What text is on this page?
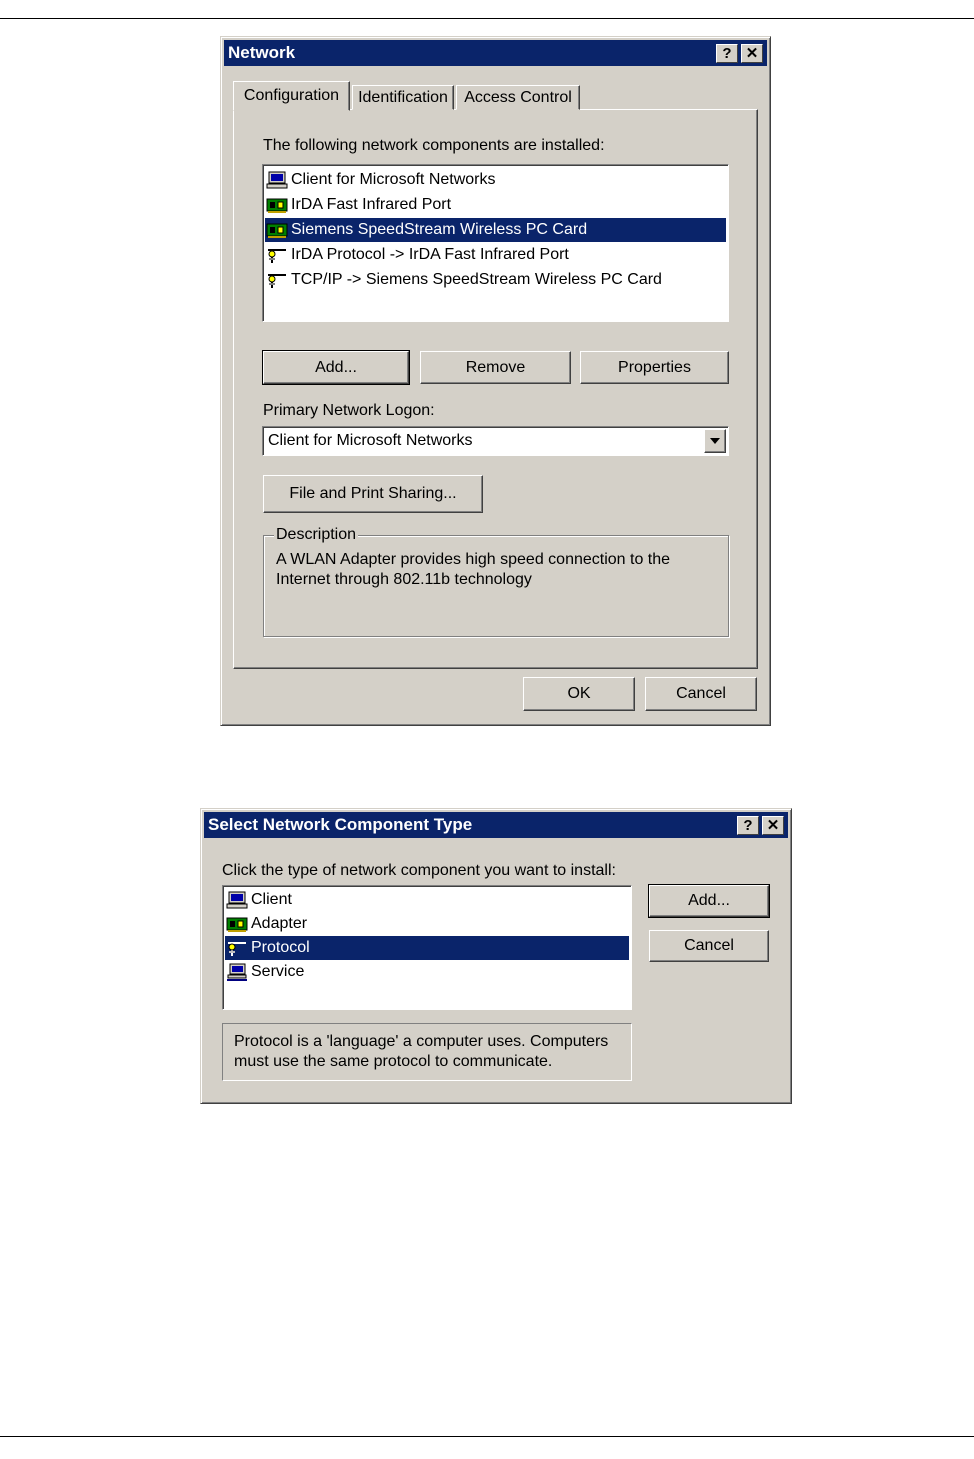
Network	? ✕
Configuration	Identification	Access Control
The following network components are installed:
Client for Microsoft Networks
IrDA Fast Infrared Port
Siemens SpeedStream Wireless PC Card
IrDA Protocol -> IrDA Fast Infrared Port
TCP/IP -> Siemens SpeedStream Wireless PC Card
Add...	Remove	Properties
Primary Network Logon:
Client for Microsoft Networks
File and Print Sharing...
Description
A WLAN Adapter provides high speed connection to the
Internet through 802.11b technology
OK	Cancel
Select Network Component Type	? ✕
Click the type of network component you want to install:
Client
Adapter
Protocol
Service
Add...
Cancel
Protocol is a 'language' a computer uses. Computers
must use the same protocol to communicate.
